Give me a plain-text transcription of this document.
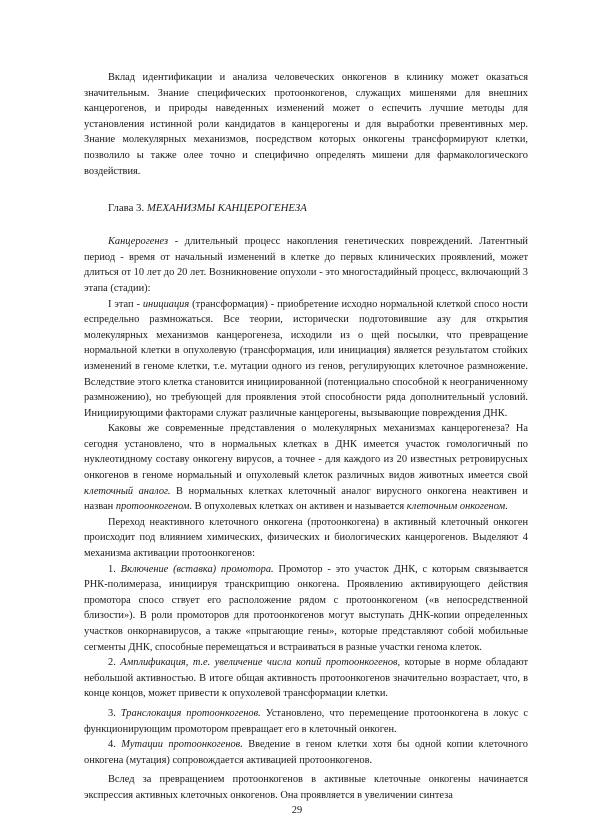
Вклад идентификации и анализа человеческих онкогенов в клинику может оказаться значительным. Знание специфических протоонкогенов, служащих мишенями для внешних канцерогенов, и природы наведенных изменений может о еспечить лучшие методы для установления истинной роли кандидатов в канцерогены и для выработки превентивных мер. Знание молекулярных механизмов, посредством которых онкогены трансформируют клетки, позволило ы также олее точно и специфично определять мишени для фармакологического воздействия.

Глава 3. МЕХАНИЗМЫ КАНЦЕРОГЕНЕЗА

Канцерогенез - длительный процесс накопления генетических повреждений. Латентный период - время от начальный изменений в клетке до первых клинических проявлений, может длиться от 10 лет до 20 лет. Возникновение опухоли - это многостадийный процесс, включающий 3 этапа (стадии):

I этап - инициация (трансформация) - приобретение исходно нормальной клеткой спосо ности еспредельно размножаться. Все теории, исторически подготовившие азу для открытия молекулярных механизмов канцерогенеза, исходили из о щей посылки, что превращение нормальной клетки в опухолевую (трансформация, или инициация) является результатом стойких изменений в геноме клетки, т.е. мутации одного из генов, регулирующих клеточное размножение. Вследствие этого клетка становится инициированной (потенциально способной к неограниченному размножению), но требующей для проявления этой способности ряда дополнительный условий. Инициирующими факторами служат различные канцерогены, вызывающие повреждения ДНК.

Каковы же современные представления о молекулярных механизмах канцерогенеза? На сегодня установлено, что в нормальных клетках в ДНК имеется участок гомологичный по нуклеотидному составу онкогену вирусов, а точнее - для каждого из 20 известных ретровирусных онкогенов в геноме нормальный и опухолевый клеток различных видов животных имеется свой клеточный аналог. В нормальных клетках клеточный аналог вирусного онкогена неактивен и назван протоонкогеном. В опухолевых клетках он активен и называется клеточным онкогеном.

Переход неактивного клеточного онкогена (протоонкогена) в активный клеточный онкоген происходит под влиянием химических, физических и биологических канцерогенов. Выделяют 4 механизма активации протоонкогенов:

1. Включение (вставка) промотора. Промотор - это участок ДНК, с которым связывается РНК-полимераза, инициируя транскрипцию онкогена. Проявлению активирующего действия промотора спосо ствует его расположение рядом с протоонкогеном («в непосредственной близости»). В роли промоторов для протоонкогенов могут выступать ДНК-копии определенных участков онкорнавирусов, а также «прыгающие гены», которые представляют собой мобильные сегменты ДНК, способные перемещаться и встраиваться в разные участки генома клеток.

2. Амплификация, т.е. увеличение числа копий протоонкогенов, которые в норме обладают небольшой активностью. В итоге общая активность протоонкогенов значительно возрастает, что, в конце концов, может привести к опухолевой трансформации клетки.

3. Транслокация протоонкогенов. Установлено, что перемещение протоонкогена в локус с функционирующим промотором превращает его в клеточный онкоген.

4. Мутации протоонкогенов. Введение в геном клетки хотя бы одной копии клеточного онкогена (мутация) сопровождается активацией протоонкогенов.

Вслед за превращением протоонкогенов в активные клеточные онкогены начинается экспрессия активных клеточных онкогенов. Она проявляется в увеличении синтеза

29
